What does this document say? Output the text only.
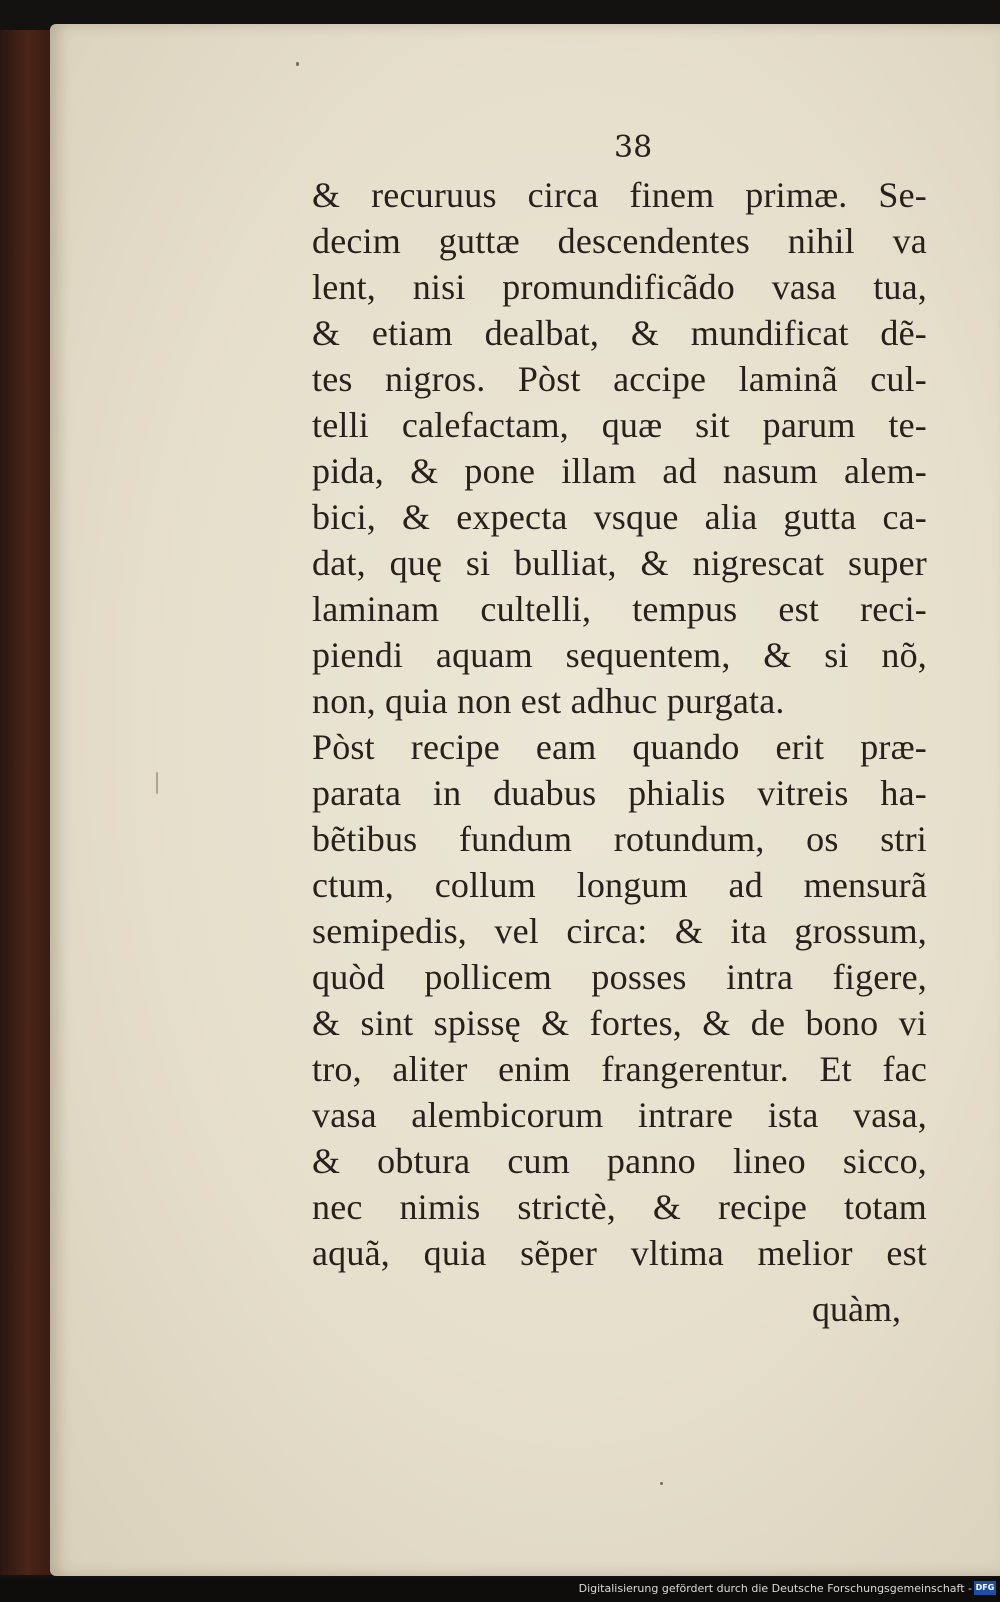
38
& recuruus circa finem primæ. Se-
decim guttæ descendentes nihil va
lent, nisi promundificãdo vasa tua,
& etiam dealbat, & mundificat dẽ-
tes nigros. Pòst accipe laminã cul-
telli calefactam, quæ sit parum te-
pida, & pone illam ad nasum alem-
bici, & expecta vsque alia gutta ca-
dat, quę si bulliat, & nigrescat super
laminam cultelli, tempus est reci-
piendi aquam sequentem, & si nõ,
non, quia non est adhuc purgata.
Pòst recipe eam quando erit præ-
parata in duabus phialis vitreis ha-
bẽtibus fundum rotundum, os stri
ctum, collum longum ad mensurã
semipedis, vel circa: & ita grossum,
quòd pollicem posses intra figere,
& sint spissę & fortes, & de bono vi
tro, aliter enim frangerentur. Et fac
vasa alembicorum intrare ista vasa,
& obtura cum panno lineo sicco,
nec nimis strictè, & recipe totam
aquã, quia sẽper vltima melior est
quàm,
Digitalisierung gefördert durch die Deutsche Forschungsgemeinschaft - DFG
